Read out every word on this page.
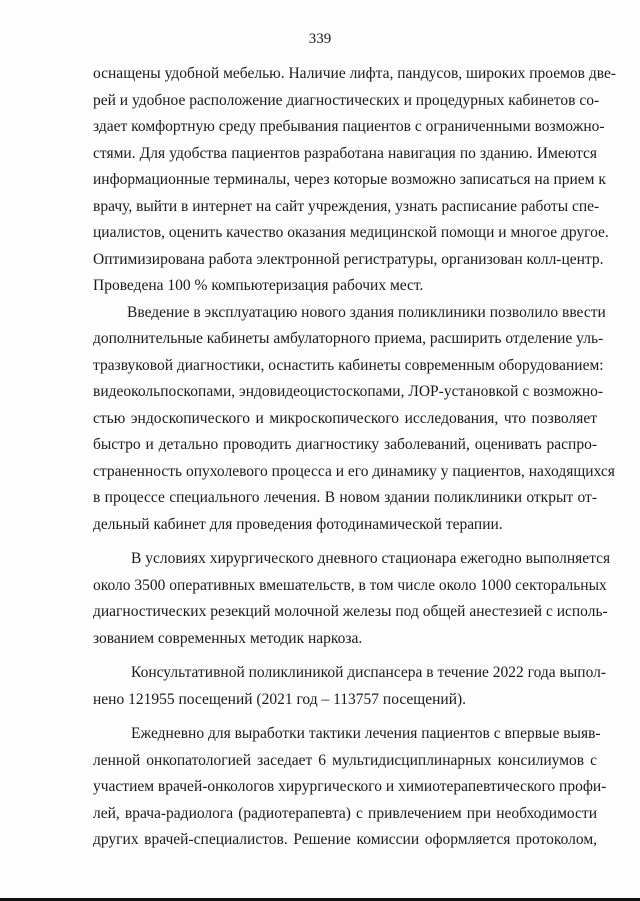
339

оснащены удобной мебелью. Наличие лифта, пандусов, широких проемов две-
рей и удобное расположение диагностических и процедурных кабинетов со-
здает комфортную среду пребывания пациентов с ограниченными возможно-
стями. Для удобства пациентов разработана навигация по зданию. Имеются
информационные терминалы, через которые возможно записаться на прием к
врачу, выйти в интернет на сайт учреждения, узнать расписание работы спе-
циалистов, оценить качество оказания медицинской помощи и многое другое.
Оптимизирована работа электронной регистратуры, организован колл-центр.
Проведена 100 % компьютеризация рабочих мест.

Введение в эксплуатацию нового здания поликлиники позволило ввести
дополнительные кабинеты амбулаторного приема, расширить отделение уль-
тразвуковой диагностики, оснастить кабинеты современным оборудованием:
видеокольпоскопами, эндовидеоцистоскопами, ЛОР-установкой с возможно-
стью эндоскопического и микроскопического исследования, что позволяет
быстро и детально проводить диагностику заболеваний, оценивать распро-
страненность опухолевого процесса и его динамику у пациентов, находящихся
в процессе специального лечения. В новом здании поликлиники открыт от-
дельный кабинет для проведения фотодинамической терапии.

В условиях хирургического дневного стационара ежегодно выполняется
около 3500 оперативных вмешательств, в том числе около 1000 секторальных
диагностических резекций молочной железы под общей анестезией с исполь-
зованием современных методик наркоза.

Консультативной поликлиникой диспансера в течение 2022 года выпол-
нено 121955 посещений (2021 год – 113757 посещений).

Ежедневно для выработки тактики лечения пациентов с впервые выяв-
ленной онкопатологией заседает 6 мультидисциплинарных консилиумов с
участием врачей-онкологов хирургического и химиотерапевтического профи-
лей, врача-радиолога (радиотерапевта) с привлечением при необходимости
других врачей-специалистов. Решение комиссии оформляется протоколом,
